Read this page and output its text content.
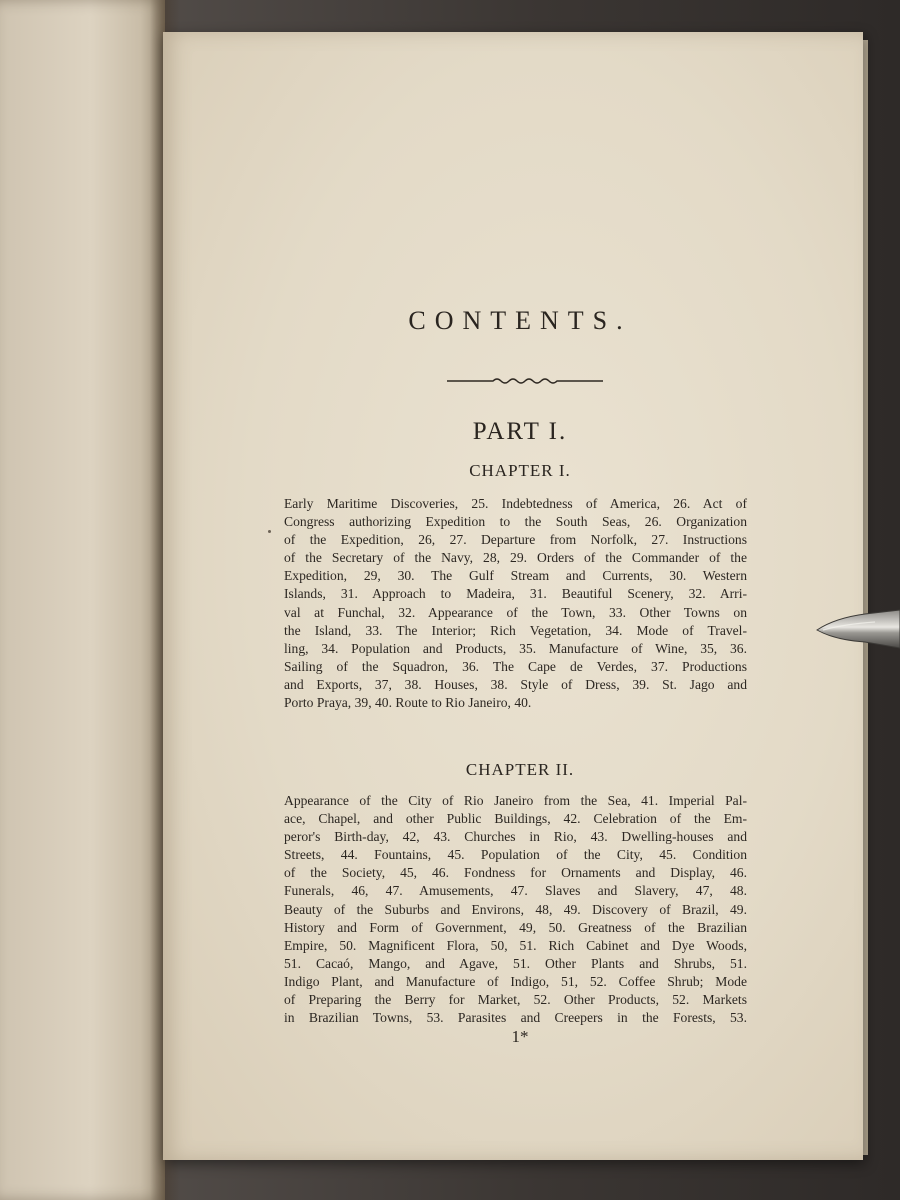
CONTENTS.
PART I.
CHAPTER I.
Early Maritime Discoveries, 25. Indebtedness of America, 26. Act of
Congress authorizing Expedition to the South Seas, 26. Organization
of the Expedition, 26, 27. Departure from Norfolk, 27. Instructions
of the Secretary of the Navy, 28, 29. Orders of the Commander of the
Expedition, 29, 30. The Gulf Stream and Currents, 30. Western
Islands, 31. Approach to Madeira, 31. Beautiful Scenery, 32. Arri-
val at Funchal, 32. Appearance of the Town, 33. Other Towns on
the Island, 33. The Interior; Rich Vegetation, 34. Mode of Travel-
ling, 34. Population and Products, 35. Manufacture of Wine, 35, 36.
Sailing of the Squadron, 36. The Cape de Verdes, 37. Productions
and Exports, 37, 38. Houses, 38. Style of Dress, 39. St. Jago and
Porto Praya, 39, 40. Route to Rio Janeiro, 40.
CHAPTER II.
Appearance of the City of Rio Janeiro from the Sea, 41. Imperial Pal-
ace, Chapel, and other Public Buildings, 42. Celebration of the Em-
peror's Birth-day, 42, 43. Churches in Rio, 43. Dwelling-houses and
Streets, 44. Fountains, 45. Population of the City, 45. Condition
of the Society, 45, 46. Fondness for Ornaments and Display, 46.
Funerals, 46, 47. Amusements, 47. Slaves and Slavery, 47, 48.
Beauty of the Suburbs and Environs, 48, 49. Discovery of Brazil, 49.
History and Form of Government, 49, 50. Greatness of the Brazilian
Empire, 50. Magnificent Flora, 50, 51. Rich Cabinet and Dye Woods,
51. Cacaó, Mango, and Agave, 51. Other Plants and Shrubs, 51.
Indigo Plant, and Manufacture of Indigo, 51, 52. Coffee Shrub; Mode
of Preparing the Berry for Market, 52. Other Products, 52. Markets
in Brazilian Towns, 53. Parasites and Creepers in the Forests, 53.
1*
